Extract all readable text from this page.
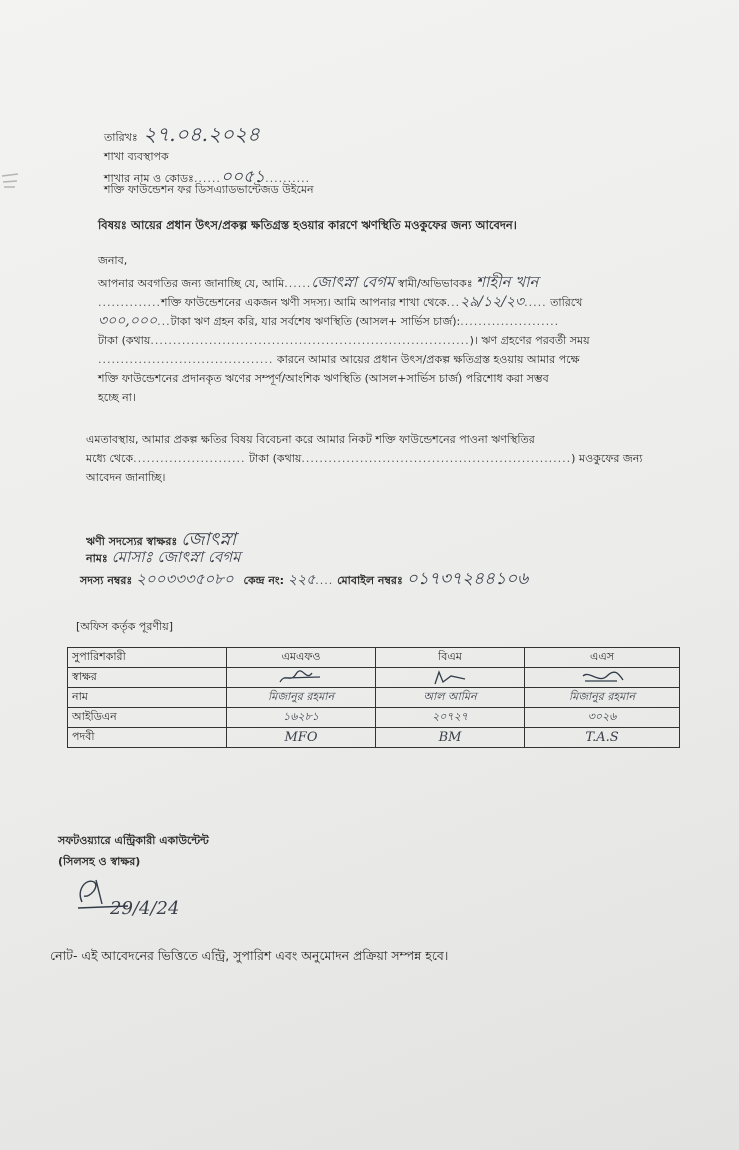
তারিখঃ ২৭.০৪.২০২৪
শাখা ব্যবস্থাপক
শাখার নাম ও কোডঃ......০০৫১..........
শক্তি ফাউন্ডেশন ফর ডিসএ্যাডভান্টেজড উইমেন
বিষয়ঃ আয়ের প্রধান উৎস/প্রকল্প ক্ষতিগ্রস্ত হওয়ার কারণে ঋণস্থিতি মওকুফের জন্য আবেদন।
জনাব,
আপনার অবগতির জন্য জানাচ্ছি যে, আমি......জোৎস্না বেগম স্বামী/অভিভাবকঃ শাহীন খান
..............শক্তি ফাউন্ডেশনের একজন ঋণী সদস্য। আমি আপনার শাখা থেকে...২৯/১২/২৩..... তারিখে
৩০০,০০০...টাকা ঋণ গ্রহন করি, যার সর্বশেষ ঋণস্থিতি (আসল+ সার্ভিস চার্জ):......................
টাকা (কথায়.......................................................................)। ঋণ গ্রহণের পরবর্তী সময়
....................................... কারনে আমার আয়ের প্রধান উৎস/প্রকল্প ক্ষতিগ্রস্ত হওয়ায় আমার পক্ষে
শক্তি ফাউন্ডেশনের প্রদানকৃত ঋণের সম্পূর্ণ/আংশিক ঋণস্থিতি (আসল+সার্ভিস চার্জ) পরিশোধ করা সম্ভব
হচ্ছে না।
এমতাবস্থায়, আমার প্রকল্প ক্ষতির বিষয় বিবেচনা করে আমার নিকট শক্তি ফাউন্ডেশনের পাওনা ঋণস্থিতির
মধ্যে থেকে......................... টাকা (কথায়............................................................) মওকুফের জন্য
আবেদন জানাচ্ছি।
ঋণী সদস্যের স্বাক্ষরঃ জোৎস্না
নামঃ মোসাঃ জোৎস্না বেগম
সদস্য নম্বরঃ ২০০৩৩৩৫০৮০ কেন্দ্র নং: ২২৫.... মোবাইল নম্বরঃ ০১৭৩৭২৪৪১০৬
[অফিস কর্তৃক পূরণীয়]
সুপারিশকারী	এমএফও	বিএম	এএস
স্বাক্ষর			
নাম	মিজানুর রহমান	আল আমিন	মিজানুর রহমান
আইডিএন	১৬২৮১	২০৭২৭	৩০২৬
পদবী	MFO	BM	T.A.S
সফটওয়্যারে এন্ট্রিকারী একাউন্টেন্ট
(সিলসহ ও স্বাক্ষর)
29/4/24
নোট- এই আবেদনের ভিত্তিতে এন্ট্রি, সুপারিশ এবং অনুমোদন প্রক্রিয়া সম্পন্ন হবে।
